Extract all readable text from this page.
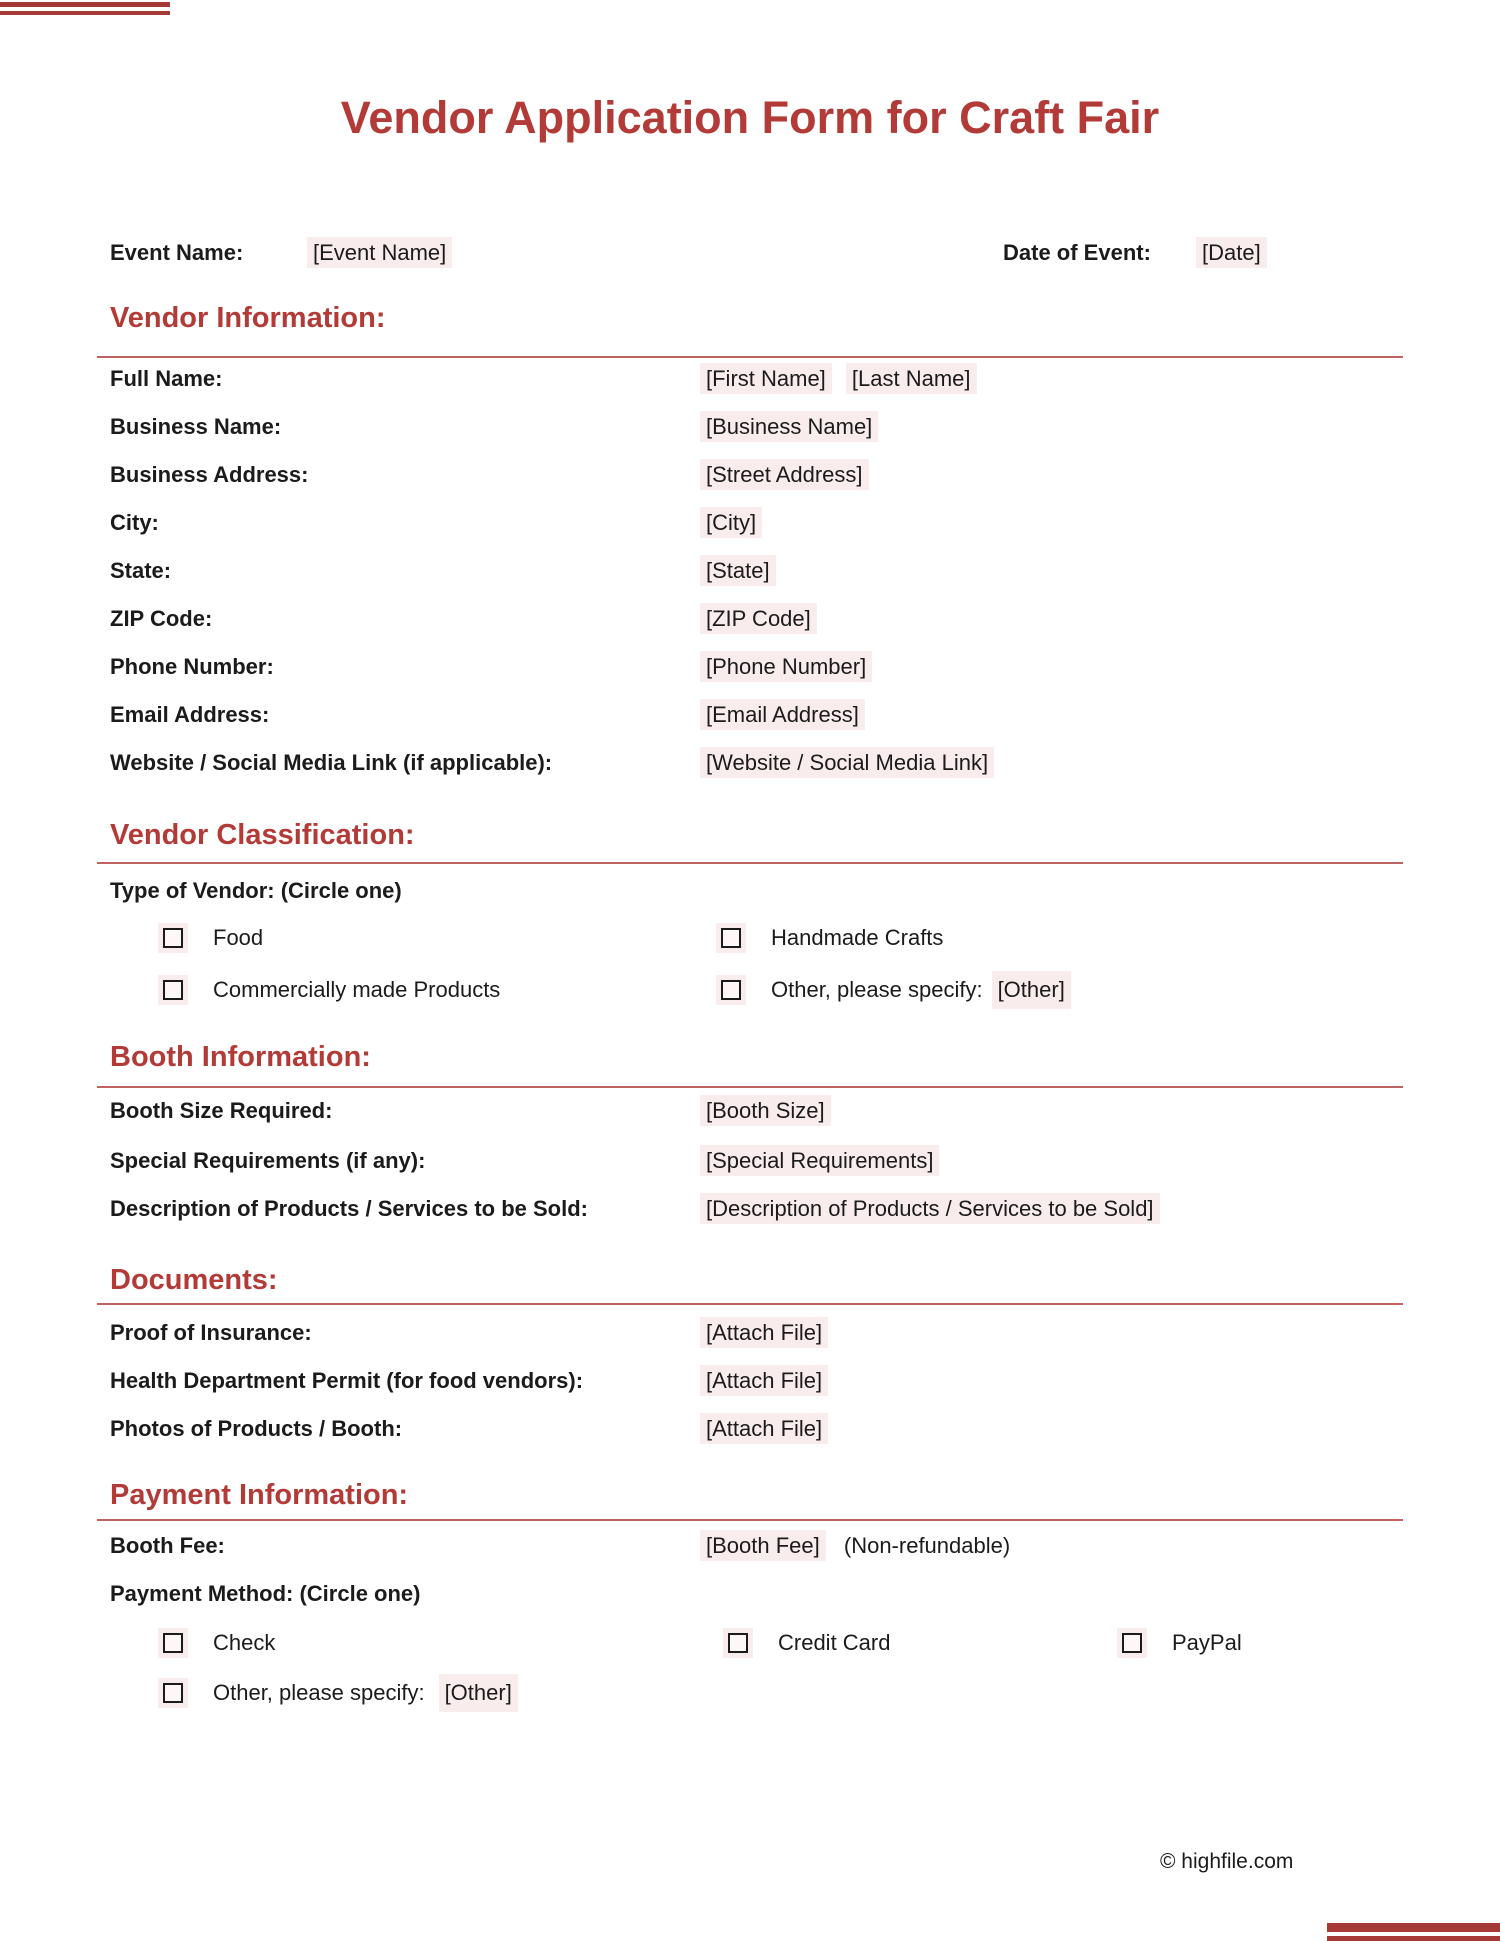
Vendor Application Form for Craft Fair
Event Name:	[Event Name]	Date of Event: [Date]
Vendor Information:
Full Name:	[First Name] [Last Name]
Business Name:	[Business Name]
Business Address:	[Street Address]
City:	[City]
State:	[State]
ZIP Code:	[ZIP Code]
Phone Number:	[Phone Number]
Email Address:	[Email Address]
Website / Social Media Link (if applicable):	[Website / Social Media Link]
Vendor Classification:
Type of Vendor: (Circle one)
Food	Handmade Crafts
Commercially made Products	Other, please specify: [Other]
Booth Information:
Booth Size Required:	[Booth Size]
Special Requirements (if any):	[Special Requirements]
Description of Products / Services to be Sold:	[Description of Products / Services to be Sold]
Documents:
Proof of Insurance:	[Attach File]
Health Department Permit (for food vendors):	[Attach File]
Photos of Products / Booth:	[Attach File]
Payment Information:
Booth Fee:	[Booth Fee] (Non-refundable)
Payment Method: (Circle one)
Check	Credit Card	PayPal
Other, please specify: [Other]
© highfile.com
